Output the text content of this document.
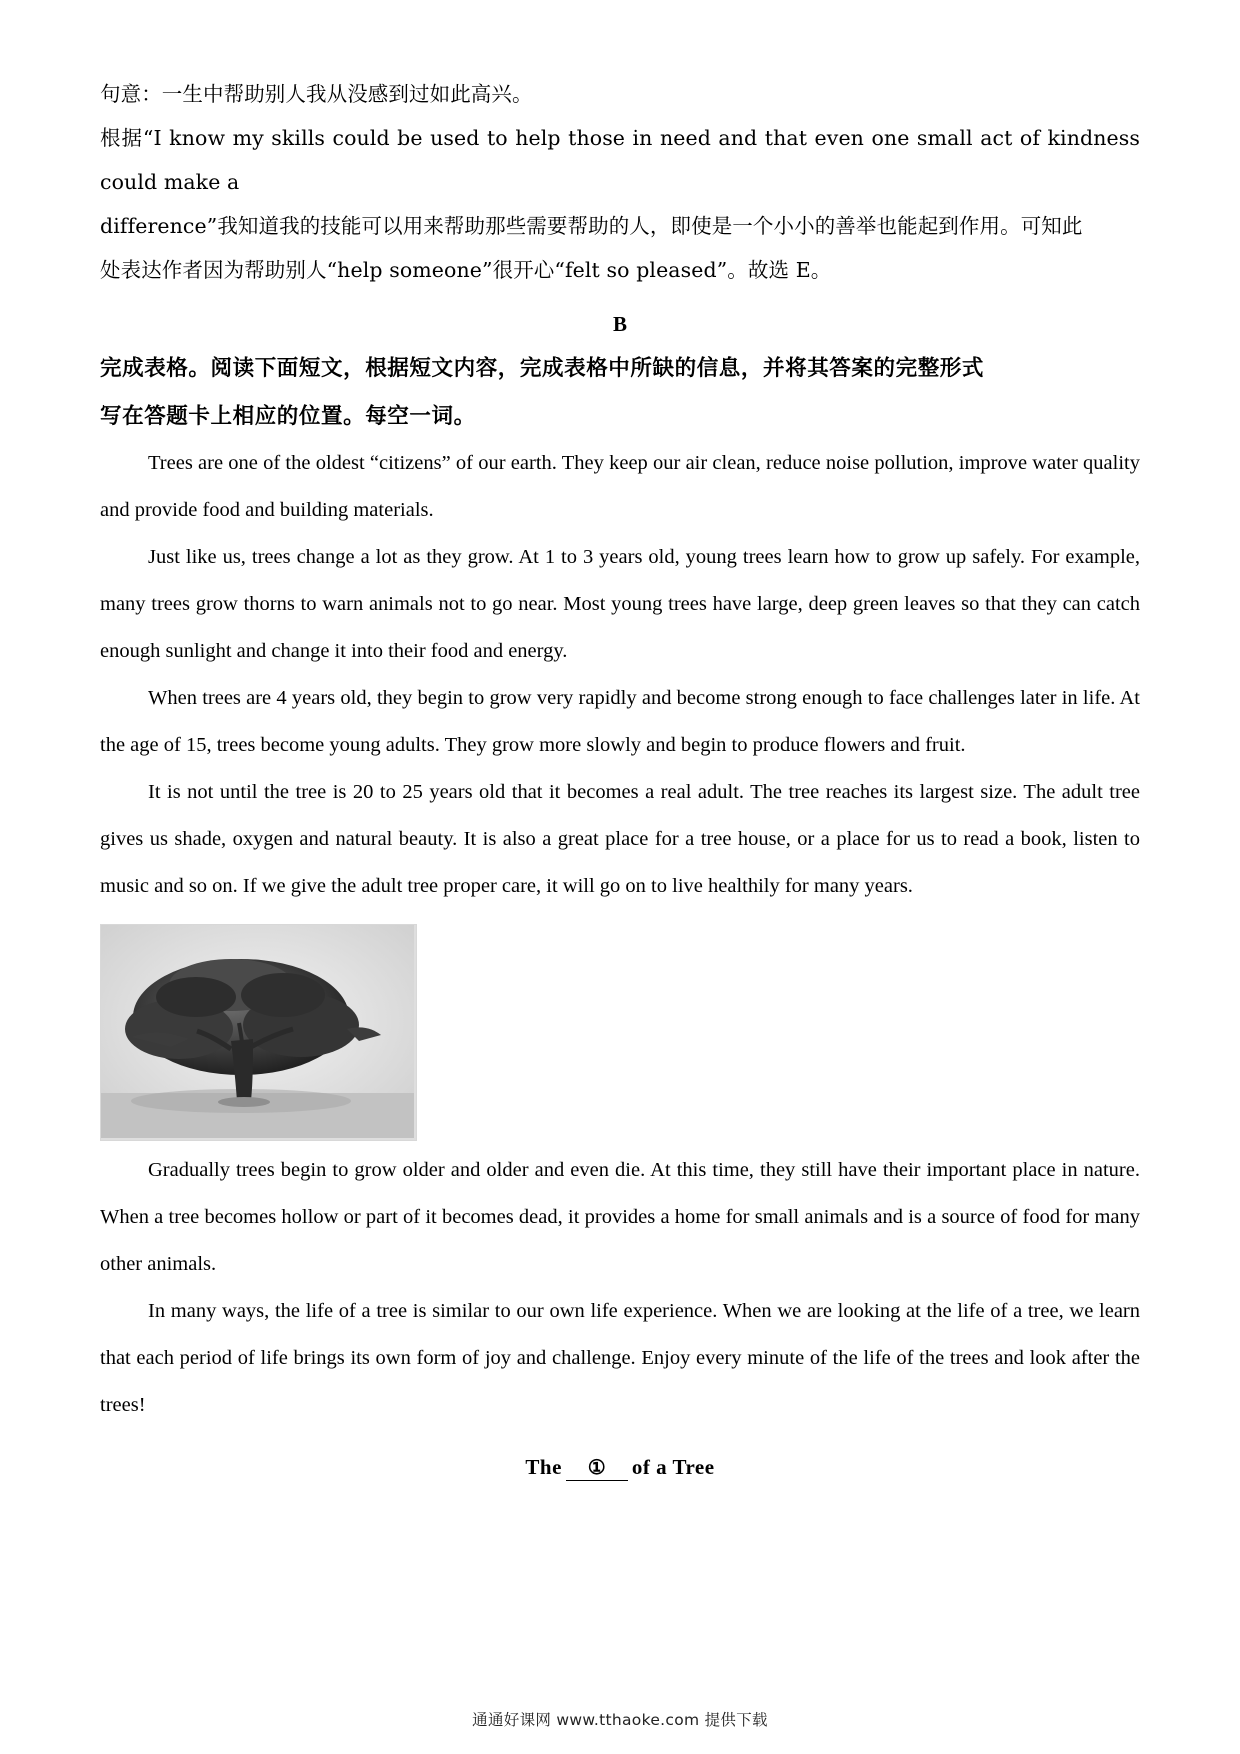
句意：一生中帮助别人我从没感到过如此高兴。

根据“I know my skills could be used to help those in need and that even one small act of kindness could make a

difference”我知道我的技能可以用来帮助那些需要帮助的人，即使是一个小小的善举也能起到作用。可知此

处表达作者因为帮助别人“help someone”很开心“felt so pleased”。故选 E。

B
完成表格。阅读下面短文，根据短文内容，完成表格中所缺的信息，并将其答案的完整形式
写在答题卡上相应的位置。每空一词。

Trees are one of the oldest “citizens” of our earth. They keep our air clean, reduce noise pollution, improve water quality and provide food and building materials.

Just like us, trees change a lot as they grow. At 1 to 3 years old, young trees learn how to grow up safely. For example, many trees grow thorns to warn animals not to go near. Most young trees have large, deep green leaves so that they can catch enough sunlight and change it into their food and energy.

When trees are 4 years old, they begin to grow very rapidly and become strong enough to face challenges later in life. At the age of 15, trees become young adults. They grow more slowly and begin to produce flowers and fruit.

It is not until the tree is 20 to 25 years old that it becomes a real adult. The tree reaches its largest size. The adult tree gives us shade, oxygen and natural beauty. It is also a great place for a tree house, or a place for us to read a book, listen to music and so on. If we give the adult tree proper care, it will go on to live healthily for many years.

Gradually trees begin to grow older and older and even die. At this time, they still have their important place in nature. When a tree becomes hollow or part of it becomes dead, it provides a home for small animals and is a source of food for many other animals.

In many ways, the life of a tree is similar to our own life experience. When we are looking at the life of a tree, we learn that each period of life brings its own form of joy and challenge. Enjoy every minute of the life of the trees and look after the trees!

The ① of a Tree
通通好课网 www.tthaoke.com 提供下载
